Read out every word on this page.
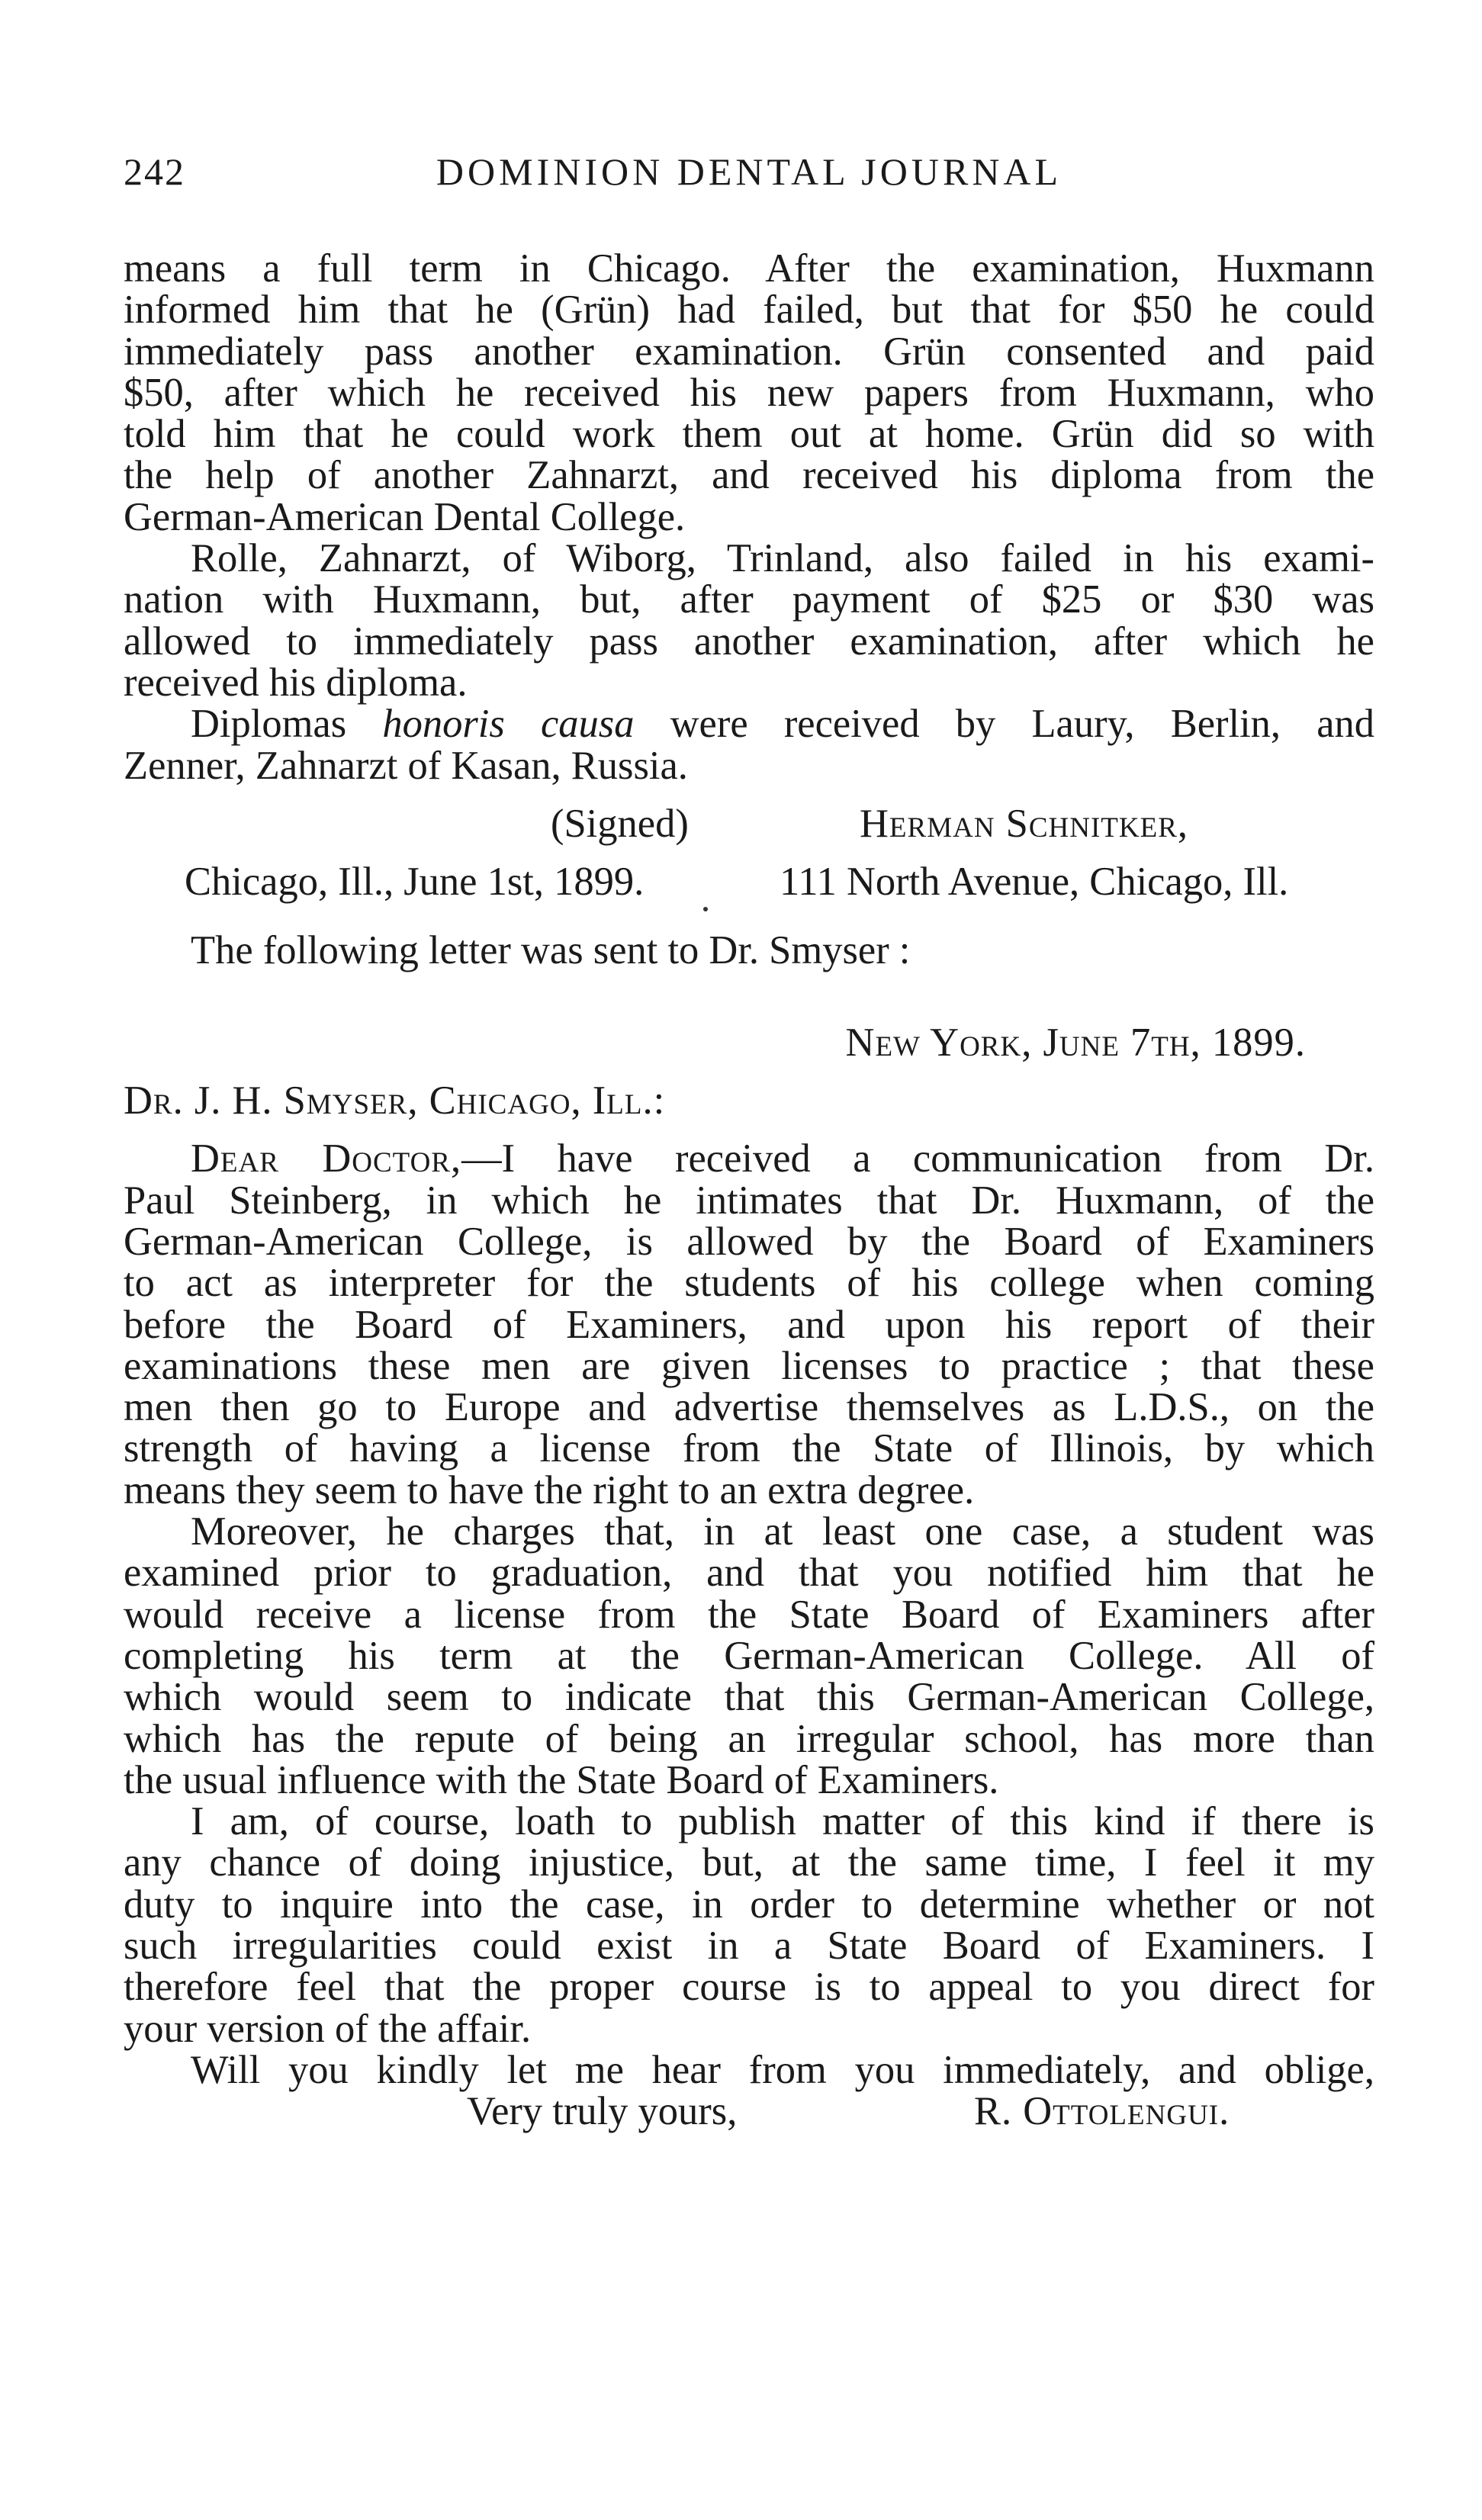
242	DOMINION DENTAL JOURNAL
means a full term in Chicago. After the examination, Huxmann
informed him that he (Grün) had failed, but that for $50 he could
immediately pass another examination. Grün consented and paid
$50, after which he received his new papers from Huxmann, who
told him that he could work them out at home. Grün did so with
the help of another Zahnarzt, and received his diploma from the
German-American Dental College.
Rolle, Zahnarzt, of Wiborg, Trinland, also failed in his exami-
nation with Huxmann, but, after payment of $25 or $30 was
allowed to immediately pass another examination, after which he
received his diploma.
Diplomas honoris causa were received by Laury, Berlin, and
Zenner, Zahnarzt of Kasan, Russia.
(Signed)	Herman Schnitker,
Chicago, Ill., June 1st, 1899.	111 North Avenue, Chicago, Ill.
The following letter was sent to Dr. Smyser :
New York, June 7th, 1899.
Dr. J. H. Smyser, Chicago, Ill.:
Dear Doctor,—I have received a communication from Dr.
Paul Steinberg, in which he intimates that Dr. Huxmann, of the
German-American College, is allowed by the Board of Examiners
to act as interpreter for the students of his college when coming
before the Board of Examiners, and upon his report of their
examinations these men are given licenses to practice ; that these
men then go to Europe and advertise themselves as L.D.S., on the
strength of having a license from the State of Illinois, by which
means they seem to have the right to an extra degree.
Moreover, he charges that, in at least one case, a student was
examined prior to graduation, and that you notified him that he
would receive a license from the State Board of Examiners after
completing his term at the German-American College. All of
which would seem to indicate that this German-American College,
which has the repute of being an irregular school, has more than
the usual influence with the State Board of Examiners.
I am, of course, loath to publish matter of this kind if there is
any chance of doing injustice, but, at the same time, I feel it my
duty to inquire into the case, in order to determine whether or not
such irregularities could exist in a State Board of Examiners. I
therefore feel that the proper course is to appeal to you direct for
your version of the affair.
Will you kindly let me hear from you immediately, and oblige,
Very truly yours,	R. Ottolengui.
